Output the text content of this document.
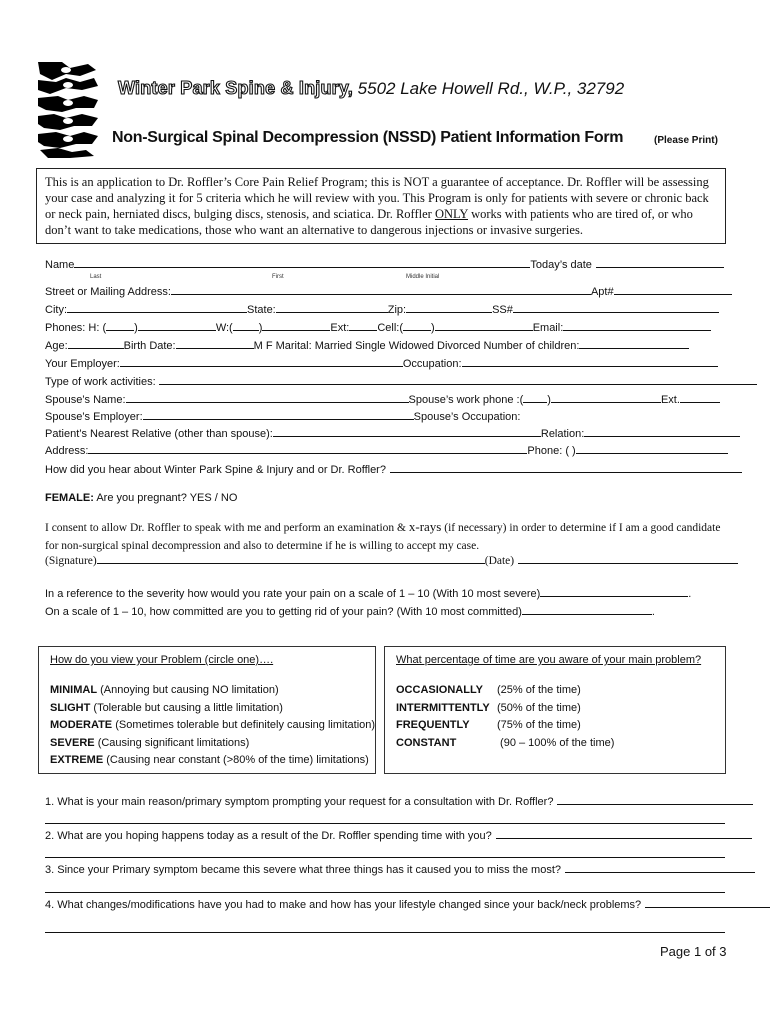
Winter Park Spine & Injury, 5502 Lake Howell Rd., W.P., 32792
Non-Surgical Spinal Decompression (NSSD) Patient Information Form	(Please Print)
This is an application to Dr. Roffler’s Core Pain Relief Program; this is NOT a guarantee of acceptance. Dr. Roffler will be assessing your case and analyzing it for 5 criteria which he will review with you. This Program is only for patients with severe or chronic back or neck pain, herniated discs, bulging discs, stenosis, and sciatica. Dr. Roffler ONLY works with patients who are tired of, or who don’t want to take medications, those who want an alternative to dangerous injections or invasive surgeries.
Name	Today’s date
Last	First	Middle Initial
Street or Mailing Address:	Apt#
City:	State:	Zip:	SS#
Phones: H: (	)	W:( )	Ext:	Cell:(	)	Email:
Age:	Birth Date:	M F Marital: Married Single Widowed Divorced Number of children:
Your Employer:	Occupation:
Type of work activities:
Spouse’s Name:	Spouse’s work phone :( )	Ext.
Spouse’s Employer:	Spouse’s Occupation:
Patient’s Nearest Relative (other than spouse):	Relation:
Address:	Phone: ( )
How did you hear about Winter Park Spine & Injury and or Dr. Roffler?
FEMALE: Are you pregnant? YES / NO
I consent to allow Dr. Roffler to speak with me and perform an examination & x-rays (if necessary) in order to determine if I am a good candidate for non-surgical spinal decompression and also to determine if he is willing to accept my case.
(Signature)	(Date)
In a reference to the severity how would you rate your pain on a scale of 1 – 10 (With 10 most severe)	.
On a scale of 1 – 10, how committed are you to getting rid of your pain? (With 10 most committed)	.
How do you view your Problem (circle one)….
MINIMAL (Annoying but causing NO limitation)
SLIGHT (Tolerable but causing a little limitation)
MODERATE (Sometimes tolerable but definitely causing limitation)
SEVERE (Causing significant limitations)
EXTREME (Causing near constant (>80% of the time) limitations)
What percentage of time are you aware of your main problem?
OCCASIONALLY (25% of the time)
INTERMITTENTLY (50% of the time)
FREQUENTLY (75% of the time)
CONSTANT	(90 – 100% of the time)
1. What is your main reason/primary symptom prompting your request for a consultation with Dr. Roffler?
2. What are you hoping happens today as a result of the Dr. Roffler spending time with you?
3. Since your Primary symptom became this severe what three things has it caused you to miss the most?
4. What changes/modifications have you had to make and how has your lifestyle changed since your back/neck problems?
Page 1 of 3
